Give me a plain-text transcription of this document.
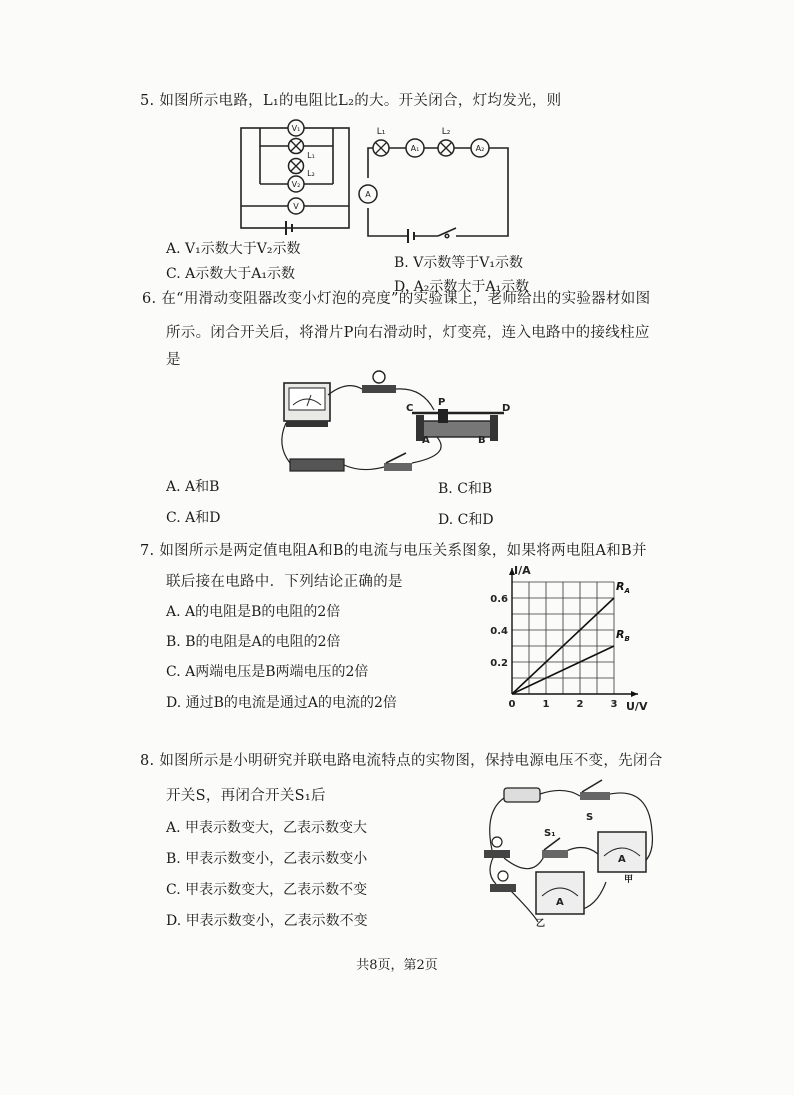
5. 如图所示电路，L₁的电阻比L₂的大。开关闭合，灯均发光，则
V₁
V₂
V
L₁
L₂
A
A₁	A₂
L₁	L₂
A. V₁示数大于V₂示数
C. A示数大于A₁示数
B. V示数等于V₁示数
D. A₂示数大于A₁示数
6. 在“用滑动变阻器改变小灯泡的亮度”的实验课上，老师给出的实验器材如图
所示。闭合开关后，将滑片P向右滑动时，灯变亮，连入电路中的接线柱应
是
C
P
D
A	B
A. A和B
C. A和D
B. C和B
D. C和D
7. 如图所示是两定值电阻A和B的电流与电压关系图象，如果将两电阻A和B并
联后接在电路中．下列结论正确的是
A. A的电阻是B的电阻的2倍
B. B的电阻是A的电阻的2倍
C. A两端电压是B两端电压的2倍
D. 通过B的电流是通过A的电流的2倍	0	1	2	3
0.2
0.4
0.6
$R_A$
$R_B$
I/A
U/V
8. 如图所示是小明研究并联电路电流特点的实物图，保持电源电压不变，先闭合
开关S，再闭合开关S₁后
A. 甲表示数变大，乙表示数变大
B. 甲表示数变小，乙表示数变小
C. 甲表示数变大，乙表示数不变
D. 甲表示数变小，乙表示数不变
S
S₁
A
A
甲
乙
共8页，第2页
